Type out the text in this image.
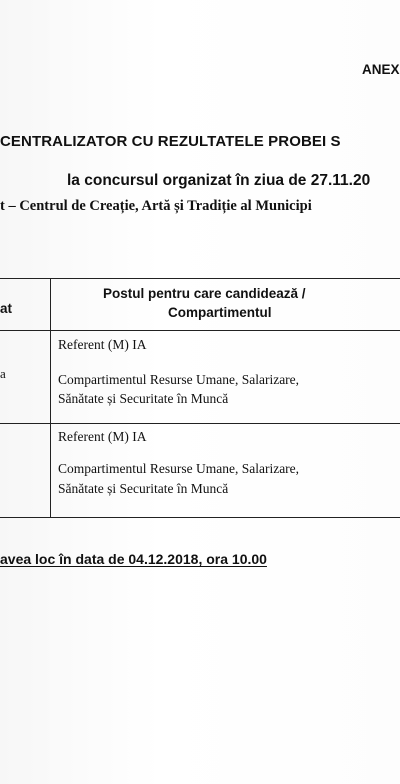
ANEX
CENTRALIZATOR CU REZULTATELE PROBEI S
la concursul organizat în ziua de 27.11.20
t – Centrul de Creație, Artă și Tradiție al Municipi
at
Postul pentru care candidează /
Compartimentul
a
Referent (M) IA
Compartimentul Resurse Umane, Salarizare,
Sănătate și Securitate în Muncă
Referent (M) IA
Compartimentul Resurse Umane, Salarizare,
Sănătate și Securitate în Muncă
avea loc în data de 04.12.2018, ora 10.00
